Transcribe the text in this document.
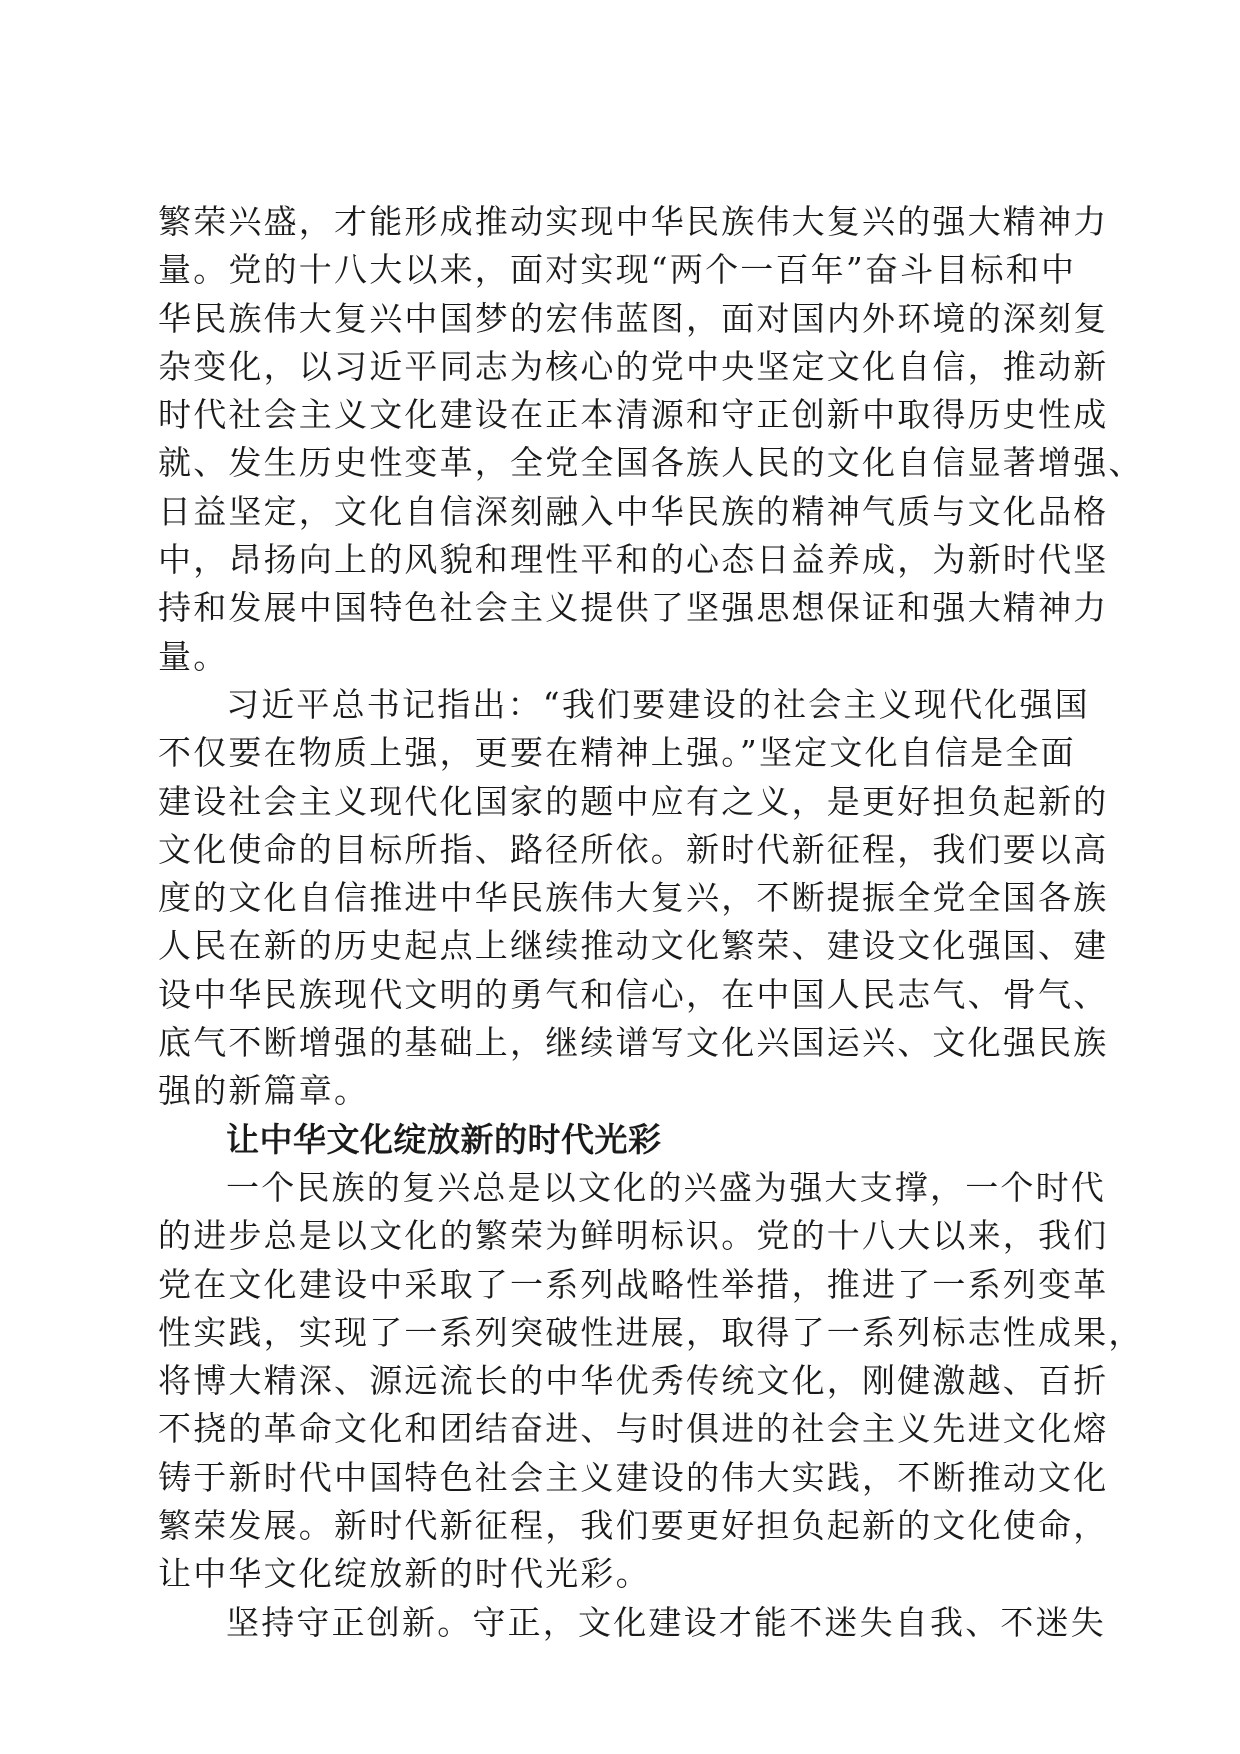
繁荣兴盛，才能形成推动实现中华民族伟大复兴的强大精神力
量。党的十八大以来，面对实现“两个一百年”奋斗目标和中
华民族伟大复兴中国梦的宏伟蓝图，面对国内外环境的深刻复
杂变化，以习近平同志为核心的党中央坚定文化自信，推动新
时代社会主义文化建设在正本清源和守正创新中取得历史性成
就、发生历史性变革，全党全国各族人民的文化自信显著增强、
日益坚定，文化自信深刻融入中华民族的精神气质与文化品格
中，昂扬向上的风貌和理性平和的心态日益养成，为新时代坚
持和发展中国特色社会主义提供了坚强思想保证和强大精神力
量。
习近平总书记指出：“我们要建设的社会主义现代化强国
不仅要在物质上强，更要在精神上强。”坚定文化自信是全面
建设社会主义现代化国家的题中应有之义，是更好担负起新的
文化使命的目标所指、路径所依。新时代新征程，我们要以高
度的文化自信推进中华民族伟大复兴，不断提振全党全国各族
人民在新的历史起点上继续推动文化繁荣、建设文化强国、建
设中华民族现代文明的勇气和信心，在中国人民志气、骨气、
底气不断增强的基础上，继续谱写文化兴国运兴、文化强民族
强的新篇章。
让中华文化绽放新的时代光彩
一个民族的复兴总是以文化的兴盛为强大支撑，一个时代
的进步总是以文化的繁荣为鲜明标识。党的十八大以来，我们
党在文化建设中采取了一系列战略性举措，推进了一系列变革
性实践，实现了一系列突破性进展，取得了一系列标志性成果，
将博大精深、源远流长的中华优秀传统文化，刚健激越、百折
不挠的革命文化和团结奋进、与时俱进的社会主义先进文化熔
铸于新时代中国特色社会主义建设的伟大实践，不断推动文化
繁荣发展。新时代新征程，我们要更好担负起新的文化使命，
让中华文化绽放新的时代光彩。
坚持守正创新。守正，文化建设才能不迷失自我、不迷失
